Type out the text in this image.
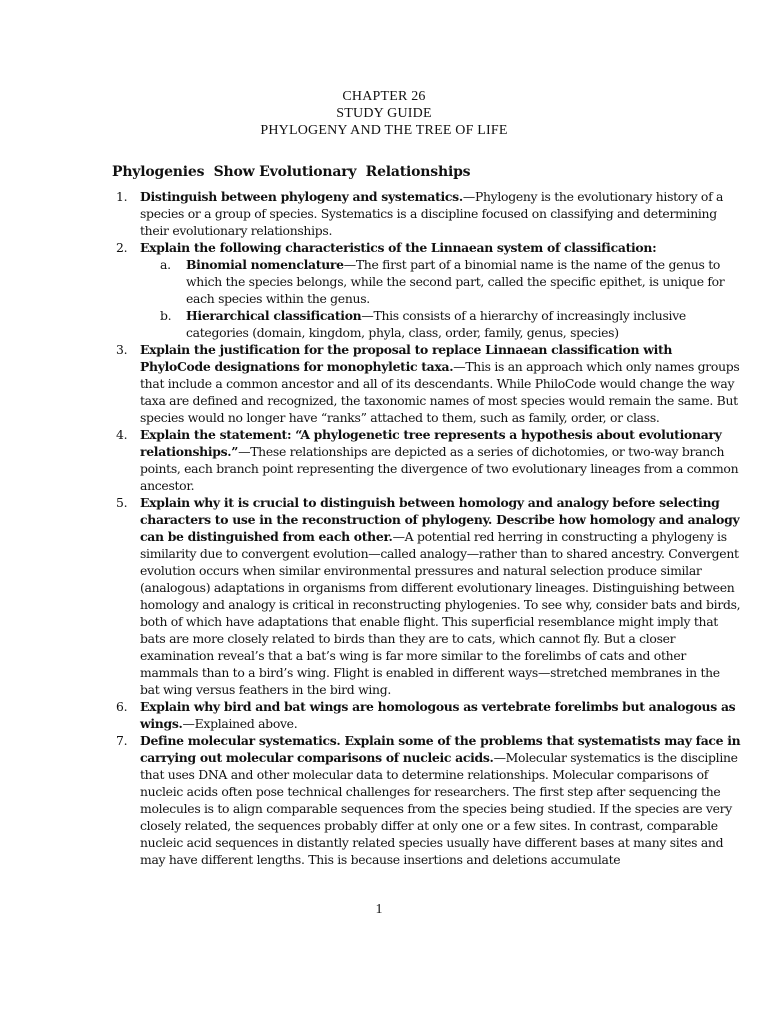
CHAPTER 26
STUDY GUIDE
PHYLOGENY AND THE TREE OF LIFE
Phylogenies  Show Evolutionary  Relationships
1. Distinguish between phylogeny and systematics.—Phylogeny is the evolutionary history of a species or a group of species. Systematics is a discipline focused on classifying and determining their evolutionary relationships.
2. Explain the following characteristics of the Linnaean system of classification:
a. Binomial nomenclature—The first part of a binomial name is the name of the genus to which the species belongs, while the second part, called the specific epithet, is unique for each species within the genus.
b. Hierarchical classification—This consists of a hierarchy of increasingly inclusive categories (domain, kingdom, phyla, class, order, family, genus, species)
3. Explain the justification for the proposal to replace Linnaean classification with PhyloCode designations for monophyletic taxa.—This is an approach which only names groups that include a common ancestor and all of its descendants. While PhiloCode would change the way taxa are defined and recognized, the taxonomic names of most species would remain the same. But species would no longer have “ranks” attached to them, such as family, order, or class.
4. Explain the statement: “A phylogenetic tree represents a hypothesis about evolutionary relationships.”—These relationships are depicted as a series of dichotomies, or two-way branch points, each branch point representing the divergence of two evolutionary lineages from a common ancestor.
5. Explain why it is crucial to distinguish between homology and analogy before selecting characters to use in the reconstruction of phylogeny. Describe how homology and analogy can be distinguished from each other.—A potential red herring in constructing a phylogeny is similarity due to convergent evolution—called analogy—rather than to shared ancestry. Convergent evolution occurs when similar environmental pressures and natural selection produce similar (analogous) adaptations in organisms from different evolutionary lineages. Distinguishing between homology and analogy is critical in reconstructing phylogenies. To see why, consider bats and birds, both of which have adaptations that enable flight. This superficial resemblance might imply that bats are more closely related to birds than they are to cats, which cannot fly. But a closer examination reveal’s that a bat’s wing is far more similar to the forelimbs of cats and other mammals than to a bird’s wing. Flight is enabled in different ways—stretched membranes in the bat wing versus feathers in the bird wing.
6. Explain why bird and bat wings are homologous as vertebrate forelimbs but analogous as wings.—Explained above.
7. Define molecular systematics. Explain some of the problems that systematists may face in carrying out molecular comparisons of nucleic acids.—Molecular systematics is the discipline that uses DNA and other molecular data to determine relationships. Molecular comparisons of nucleic acids often pose technical challenges for researchers. The first step after sequencing the molecules is to align comparable sequences from the species being studied. If the species are very closely related, the sequences probably differ at only one or a few sites. In contrast, comparable nucleic acid sequences in distantly related species usually have different bases at many sites and may have different lengths. This is because insertions and deletions accumulate
1
